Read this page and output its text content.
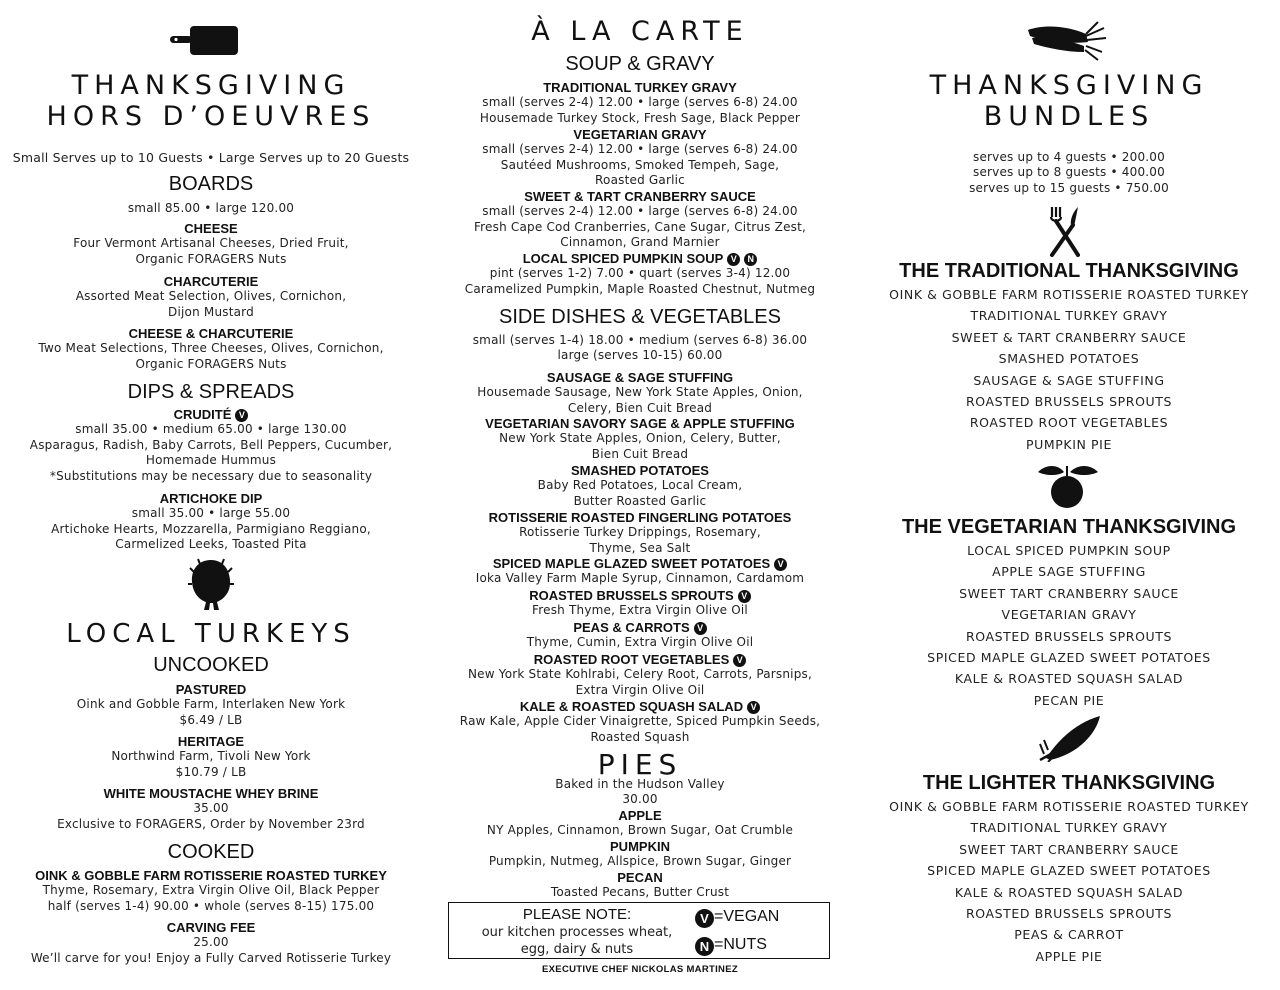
THANKSGIVING
HORS D’OEUVRES
Small Serves up to 10 Guests • Large Serves up to 20 Guests
BOARDS
small 85.00 • large 120.00
CHEESE
Four Vermont Artisanal Cheeses, Dried Fruit,
Organic FORAGERS Nuts
CHARCUTERIE
Assorted Meat Selection, Olives, Cornichon,
Dijon Mustard
CHEESE & CHARCUTERIE
Two Meat Selections, Three Cheeses, Olives, Cornichon,
Organic FORAGERS Nuts
DIPS & SPREADS
CRUDITÉ V
small 35.00 • medium 65.00 • large 130.00
Asparagus, Radish, Baby Carrots, Bell Peppers, Cucumber,
Homemade Hummus
*Substitutions may be necessary due to seasonality
ARTICHOKE DIP
small 35.00 • large 55.00
Artichoke Hearts, Mozzarella, Parmigiano Reggiano,
Carmelized Leeks, Toasted Pita
LOCAL TURKEYS
UNCOOKED
PASTURED
Oink and Gobble Farm, Interlaken New York
$6.49 / LB
HERITAGE
Northwind Farm, Tivoli New York
$10.79 / LB
WHITE MOUSTACHE WHEY BRINE
35.00
Exclusive to FORAGERS, Order by November 23rd
COOKED
OINK & GOBBLE FARM ROTISSERIE ROASTED TURKEY
Thyme, Rosemary, Extra Virgin Olive Oil, Black Pepper
half (serves 1-4) 90.00 • whole (serves 8-15) 175.00
CARVING FEE
25.00
We’ll carve for you! Enjoy a Fully Carved Rotisserie Turkey
À LA CARTE
SOUP & GRAVY
TRADITIONAL TURKEY GRAVY
small (serves 2-4) 12.00 • large (serves 6-8) 24.00
Housemade Turkey Stock, Fresh Sage, Black Pepper
VEGETARIAN GRAVY
small (serves 2-4) 12.00 • large (serves 6-8) 24.00
Sautéed Mushrooms, Smoked Tempeh, Sage,
Roasted Garlic
SWEET & TART CRANBERRY SAUCE
small (serves 2-4) 12.00 • large (serves 6-8) 24.00
Fresh Cape Cod Cranberries, Cane Sugar, Citrus Zest,
Cinnamon, Grand Marnier
LOCAL SPICED PUMPKIN SOUP V N
pint (serves 1-2) 7.00 • quart (serves 3-4) 12.00
Caramelized Pumpkin, Maple Roasted Chestnut, Nutmeg
SIDE DISHES & VEGETABLES
small (serves 1-4) 18.00 • medium (serves 6-8) 36.00
large (serves 10-15) 60.00
SAUSAGE & SAGE STUFFING
Housemade Sausage, New York State Apples, Onion,
Celery, Bien Cuit Bread
VEGETARIAN SAVORY SAGE & APPLE STUFFING
New York State Apples, Onion, Celery, Butter,
Bien Cuit Bread
SMASHED POTATOES
Baby Red Potatoes, Local Cream,
Butter Roasted Garlic
ROTISSERIE ROASTED FINGERLING POTATOES
Rotisserie Turkey Drippings, Rosemary,
Thyme, Sea Salt
SPICED MAPLE GLAZED SWEET POTATOES V
Ioka Valley Farm Maple Syrup, Cinnamon, Cardamom
ROASTED BRUSSELS SPROUTS V
Fresh Thyme, Extra Virgin Olive Oil
PEAS & CARROTS V
Thyme, Cumin, Extra Virgin Olive Oil
ROASTED ROOT VEGETABLES V
New York State Kohlrabi, Celery Root, Carrots, Parsnips,
Extra Virgin Olive Oil
KALE & ROASTED SQUASH SALAD V
Raw Kale, Apple Cider Vinaigrette, Spiced Pumpkin Seeds,
Roasted Squash
PIES
Baked in the Hudson Valley
30.00
APPLE
NY Apples, Cinnamon, Brown Sugar, Oat Crumble
PUMPKIN
Pumpkin, Nutmeg, Allspice, Brown Sugar, Ginger
PECAN
Toasted Pecans, Butter Crust
PLEASE NOTE:
our kitchen processes wheat,
egg, dairy & nuts
V =VEGAN
N =NUTS
EXECUTIVE CHEF NICKOLAS MARTINEZ
THANKSGIVING
BUNDLES
serves up to 4 guests • 200.00
serves up to 8 guests • 400.00
serves up to 15 guests • 750.00
THE TRADITIONAL THANKSGIVING
OINK & GOBBLE FARM ROTISSERIE ROASTED TURKEY
TRADITIONAL TURKEY GRAVY
SWEET & TART CRANBERRY SAUCE
SMASHED POTATOES
SAUSAGE & SAGE STUFFING
ROASTED BRUSSELS SPROUTS
ROASTED ROOT VEGETABLES
PUMPKIN PIE
THE VEGETARIAN THANKSGIVING
LOCAL SPICED PUMPKIN SOUP
APPLE SAGE STUFFING
SWEET TART CRANBERRY SAUCE
VEGETARIAN GRAVY
ROASTED BRUSSELS SPROUTS
SPICED MAPLE GLAZED SWEET POTATOES
KALE & ROASTED SQUASH SALAD
PECAN PIE
THE LIGHTER THANKSGIVING
OINK & GOBBLE FARM ROTISSERIE ROASTED TURKEY
TRADITIONAL TURKEY GRAVY
SWEET TART CRANBERRY SAUCE
SPICED MAPLE GLAZED SWEET POTATOES
KALE & ROASTED SQUASH SALAD
ROASTED BRUSSELS SPROUTS
PEAS & CARROT
APPLE PIE
